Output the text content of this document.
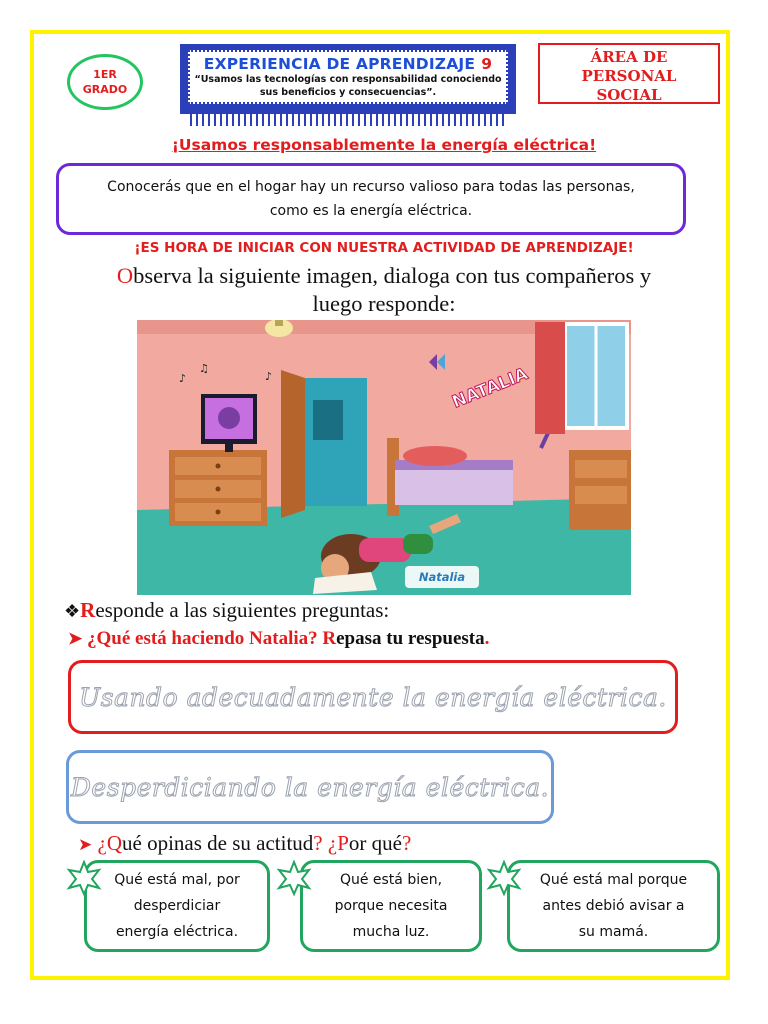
1ER
GRADO
EXPERIENCIA DE APRENDIZAJE 9
“Usamos las tecnologías con responsabilidad conociendo
sus beneficios y consecuencias”.
ÁREA DE
PERSONAL
SOCIAL
¡Usamos responsablemente la energía eléctrica!
Conocerás que en el hogar hay un recurso valioso para todas las personas,
como es la energía eléctrica.
¡ES HORA DE INICIAR CON NUESTRA ACTIVIDAD DE APRENDIZAJE!
Observa la siguiente imagen, dialoga con tus compañeros y
luego responde:
♪
♫
♪	NATALIA
Natalia
❖Responde a las siguientes preguntas:
➤ ¿Qué está haciendo Natalia? Repasa tu respuesta.
Usando adecuadamente la energía eléctrica.
Desperdiciando la energía eléctrica.
➤ ¿Qué opinas de su actitud? ¿Por qué?
Qué está mal, por
desperdiciar
energía eléctrica.
Qué está bien,
porque necesita
mucha luz.
Qué está mal porque
antes debió avisar a
su mamá.
